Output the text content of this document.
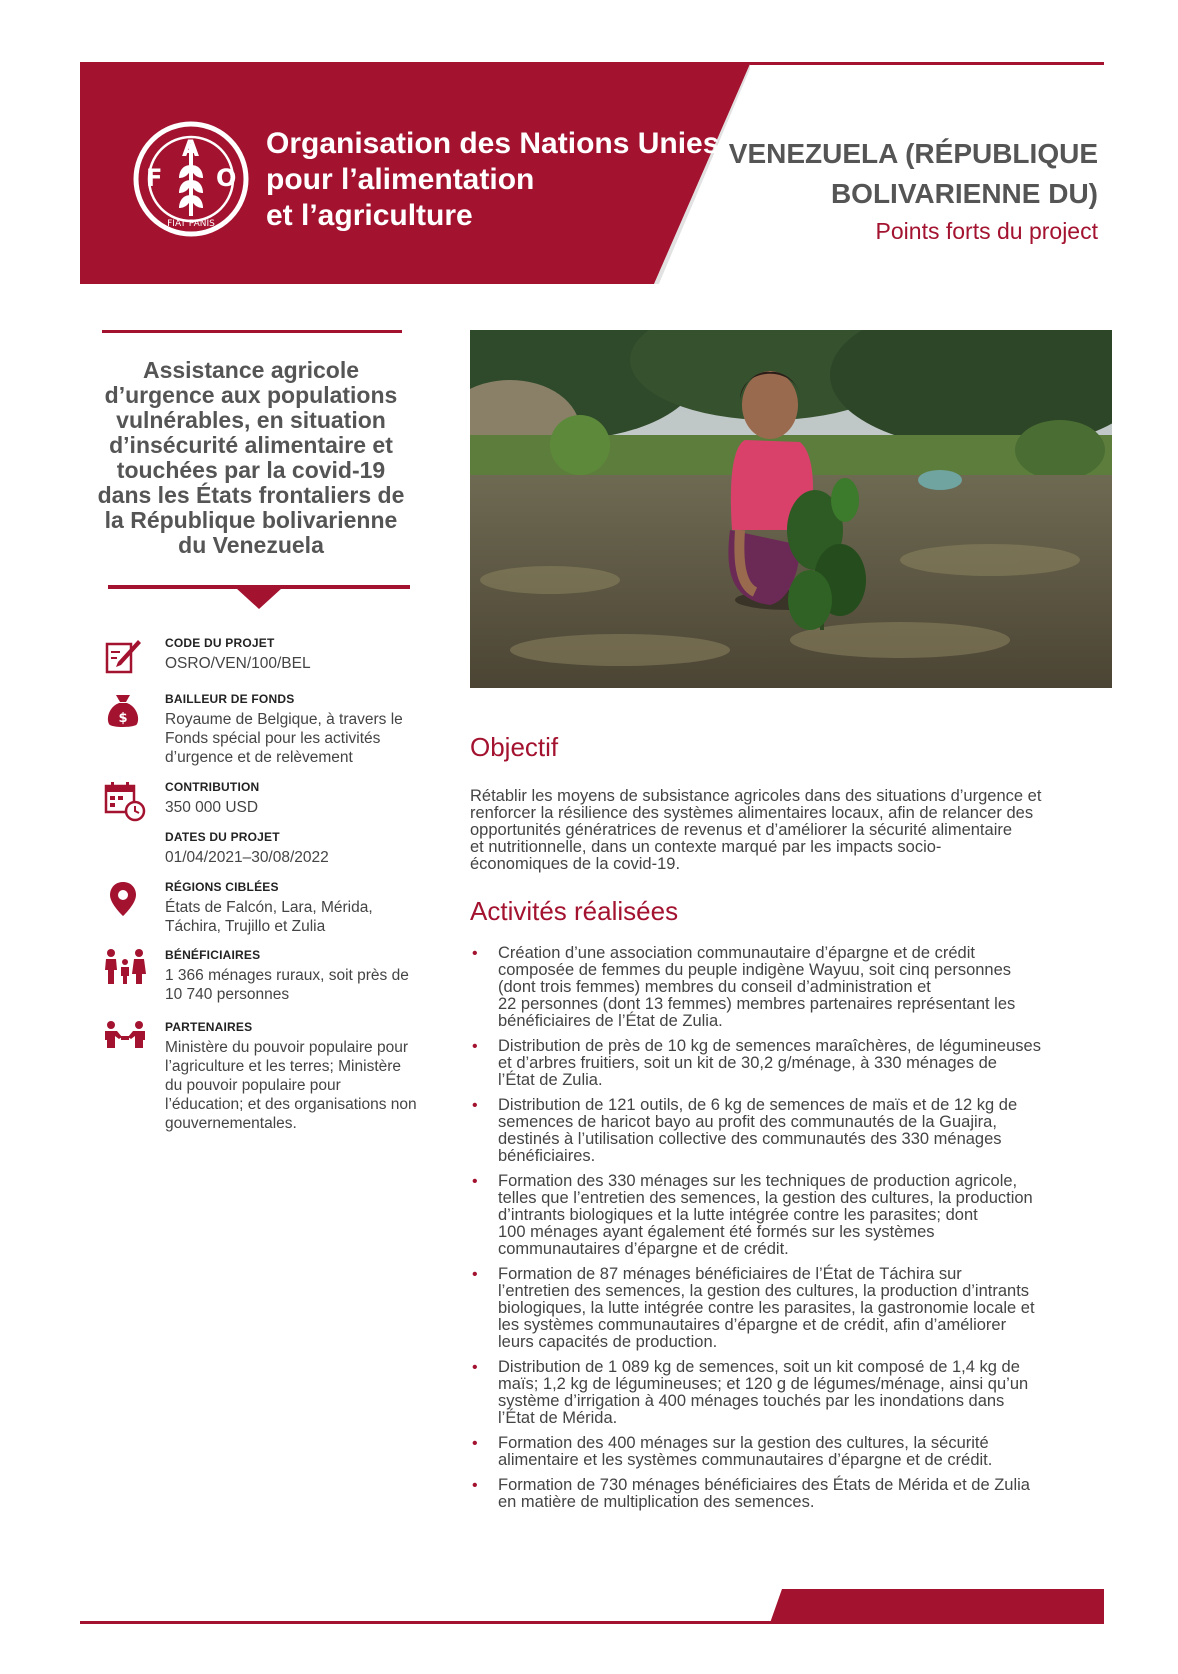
F
A
O
FIAT PANIS
Organisation des Nations Unies
pour l’alimentation
et l’agriculture
VENEZUELA (RÉPUBLIQUE
BOLIVARIENNE DU)
Points forts du project
Assistance agricole
d’urgence aux populations
vulnérables, en situation
d’insécurité alimentaire et
touchées par la covid-19
dans les États frontaliers de
la République bolivarienne
du Venezuela
CODE DU PROJET
OSRO/VEN/100/BEL
$
BAILLEUR DE FONDS
Royaume de Belgique, à travers le
Fonds spécial pour les activités
d’urgence et de relèvement
CONTRIBUTION
350 000 USD
DATES DU PROJET
01/04/2021–30/08/2022
RÉGIONS CIBLÉES
États de Falcón, Lara, Mérida,
Táchira, Trujillo et Zulia
BÉNÉFICIAIRES
1 366 ménages ruraux, soit près de
10 740 personnes
PARTENAIRES
Ministère du pouvoir populaire pour
l’agriculture et les terres; Ministère
du pouvoir populaire pour
l’éducation; et des organisations non
gouvernementales.
Objectif
Rétablir les moyens de subsistance agricoles dans des situations d’urgence et
renforcer la résilience des systèmes alimentaires locaux, afin de relancer des
opportunités génératrices de revenus et d’améliorer la sécurité alimentaire
et nutritionnelle, dans un contexte marqué par les impacts socio-
économiques de la covid-19.
Activités réalisées
• Création d’une association communautaire d’épargne et de crédit
composée de femmes du peuple indigène Wayuu, soit cinq personnes
(dont trois femmes) membres du conseil d’administration et
22 personnes (dont 13 femmes) membres partenaires représentant les
bénéficiaires de l’État de Zulia.
• Distribution de près de 10 kg de semences maraîchères, de légumineuses
et d’arbres fruitiers, soit un kit de 30,2 g/ménage, à 330 ménages de
l’État de Zulia.
• Distribution de 121 outils, de 6 kg de semences de maïs et de 12 kg de
semences de haricot bayo au profit des communautés de la Guajira,
destinés à l’utilisation collective des communautés des 330 ménages
bénéficiaires.
• Formation des 330 ménages sur les techniques de production agricole,
telles que l’entretien des semences, la gestion des cultures, la production
d’intrants biologiques et la lutte intégrée contre les parasites; dont
100 ménages ayant également été formés sur les systèmes
communautaires d’épargne et de crédit.
• Formation de 87 ménages bénéficiaires de l’État de Táchira sur
l’entretien des semences, la gestion des cultures, la production d’intrants
biologiques, la lutte intégrée contre les parasites, la gastronomie locale et
les systèmes communautaires d’épargne et de crédit, afin d’améliorer
leurs capacités de production.
• Distribution de 1 089 kg de semences, soit un kit composé de 1,4 kg de
maïs; 1,2 kg de légumineuses; et 120 g de légumes/ménage, ainsi qu’un
système d’irrigation à 400 ménages touchés par les inondations dans
l’État de Mérida.
• Formation des 400 ménages sur la gestion des cultures, la sécurité
alimentaire et les systèmes communautaires d’épargne et de crédit.
• Formation de 730 ménages bénéficiaires des États de Mérida et de Zulia
en matière de multiplication des semences.
